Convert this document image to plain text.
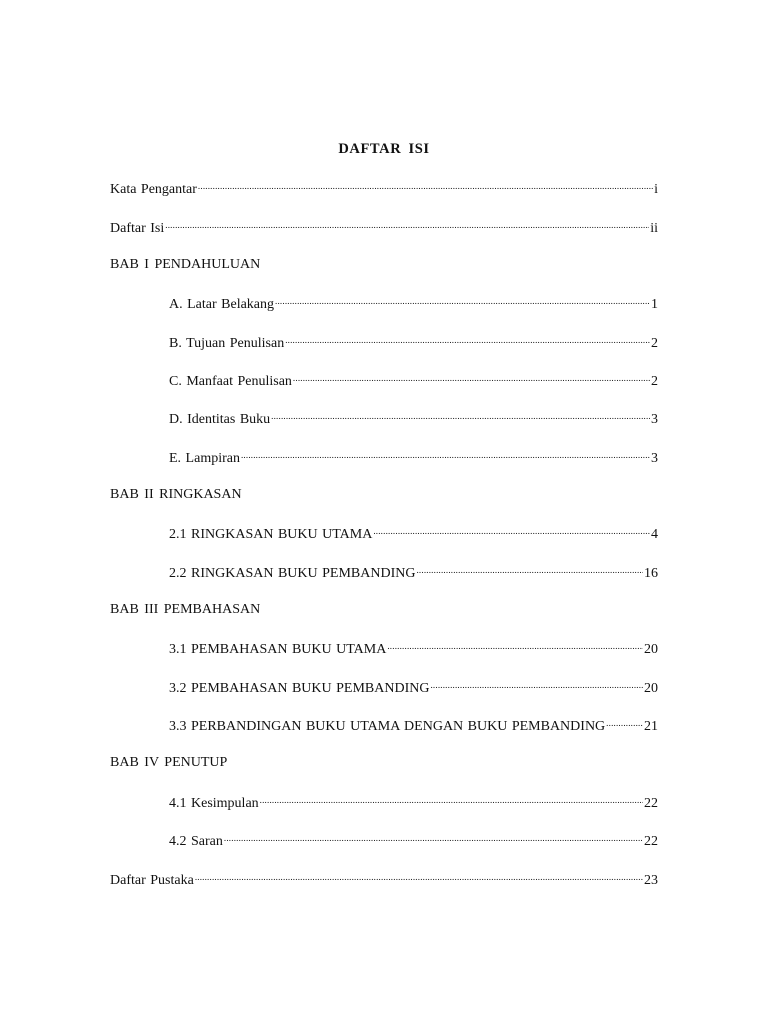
DAFTAR ISI
Kata Pengantar .....	i
Daftar Isi .....	ii
BAB I PENDAHULUAN
A. Latar Belakang .....	1
B. Tujuan Penulisan .....	2
C. Manfaat Penulisan .....	2
D. Identitas Buku .....	3
E. Lampiran .....	3
BAB II RINGKASAN
2.1 RINGKASAN BUKU UTAMA .....	4
2.2 RINGKASAN BUKU PEMBANDING .....	16
BAB III PEMBAHASAN
3.1 PEMBAHASAN BUKU UTAMA .....	20
3.2 PEMBAHASAN BUKU PEMBANDING .....	20
3.3 PERBANDINGAN BUKU UTAMA DENGAN BUKU PEMBANDING .....	21
BAB IV PENUTUP
4.1 Kesimpulan .....	22
4.2 Saran .....	22
Daftar Pustaka .....	23
